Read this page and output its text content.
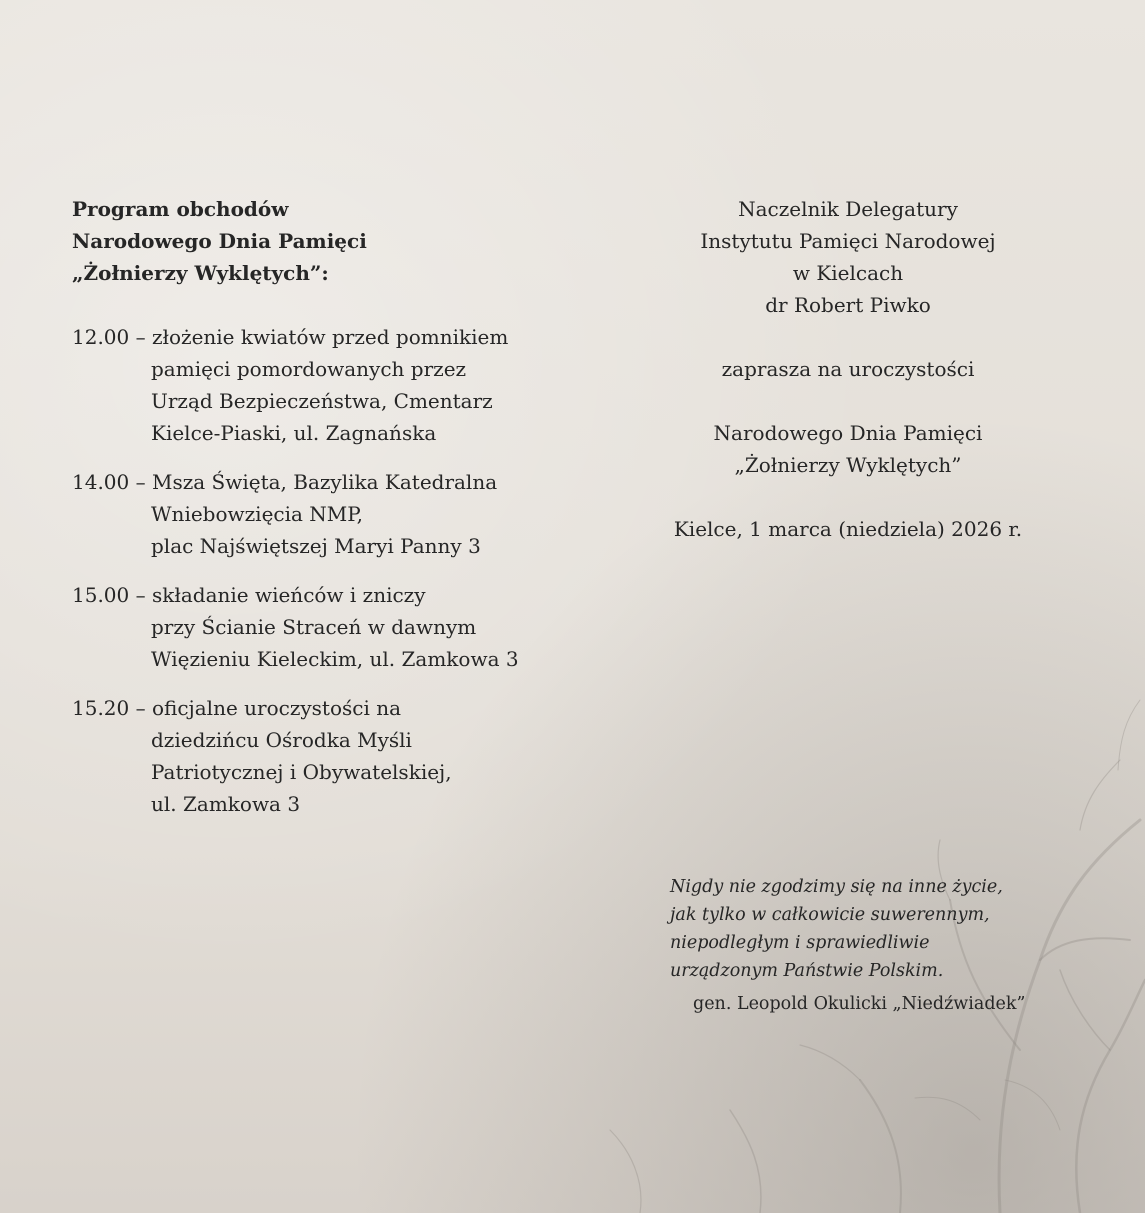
Program obchodów
Narodowego Dnia Pamięci
„Żołnierzy Wyklętych”:
12.00 – złożenie kwiatów przed pomnikiem
pamięci pomordowanych przez
Urząd Bezpieczeństwa, Cmentarz
Kielce-Piaski, ul. Zagnańska
14.00 – Msza Święta, Bazylika Katedralna
Wniebowzięcia NMP,
plac Najświętszej Maryi Panny 3
15.00 – składanie wieńców i zniczy
przy Ścianie Straceń w dawnym
Więzieniu Kieleckim, ul. Zamkowa 3
15.20 – oficjalne uroczystości na
dziedzińcu Ośrodka Myśli
Patriotycznej i Obywatelskiej,
ul. Zamkowa 3
Naczelnik Delegatury
Instytutu Pamięci Narodowej
w Kielcach
dr Robert Piwko
zaprasza na uroczystości
Narodowego Dnia Pamięci
„Żołnierzy Wyklętych”
Kielce, 1 marca (niedziela) 2026 r.
Nigdy nie zgodzimy się na inne życie,
jak tylko w całkowicie suwerennym,
niepodległym i sprawiedliwie
urządzonym Państwie Polskim.
gen. Leopold Okulicki „Niedźwiadek”
